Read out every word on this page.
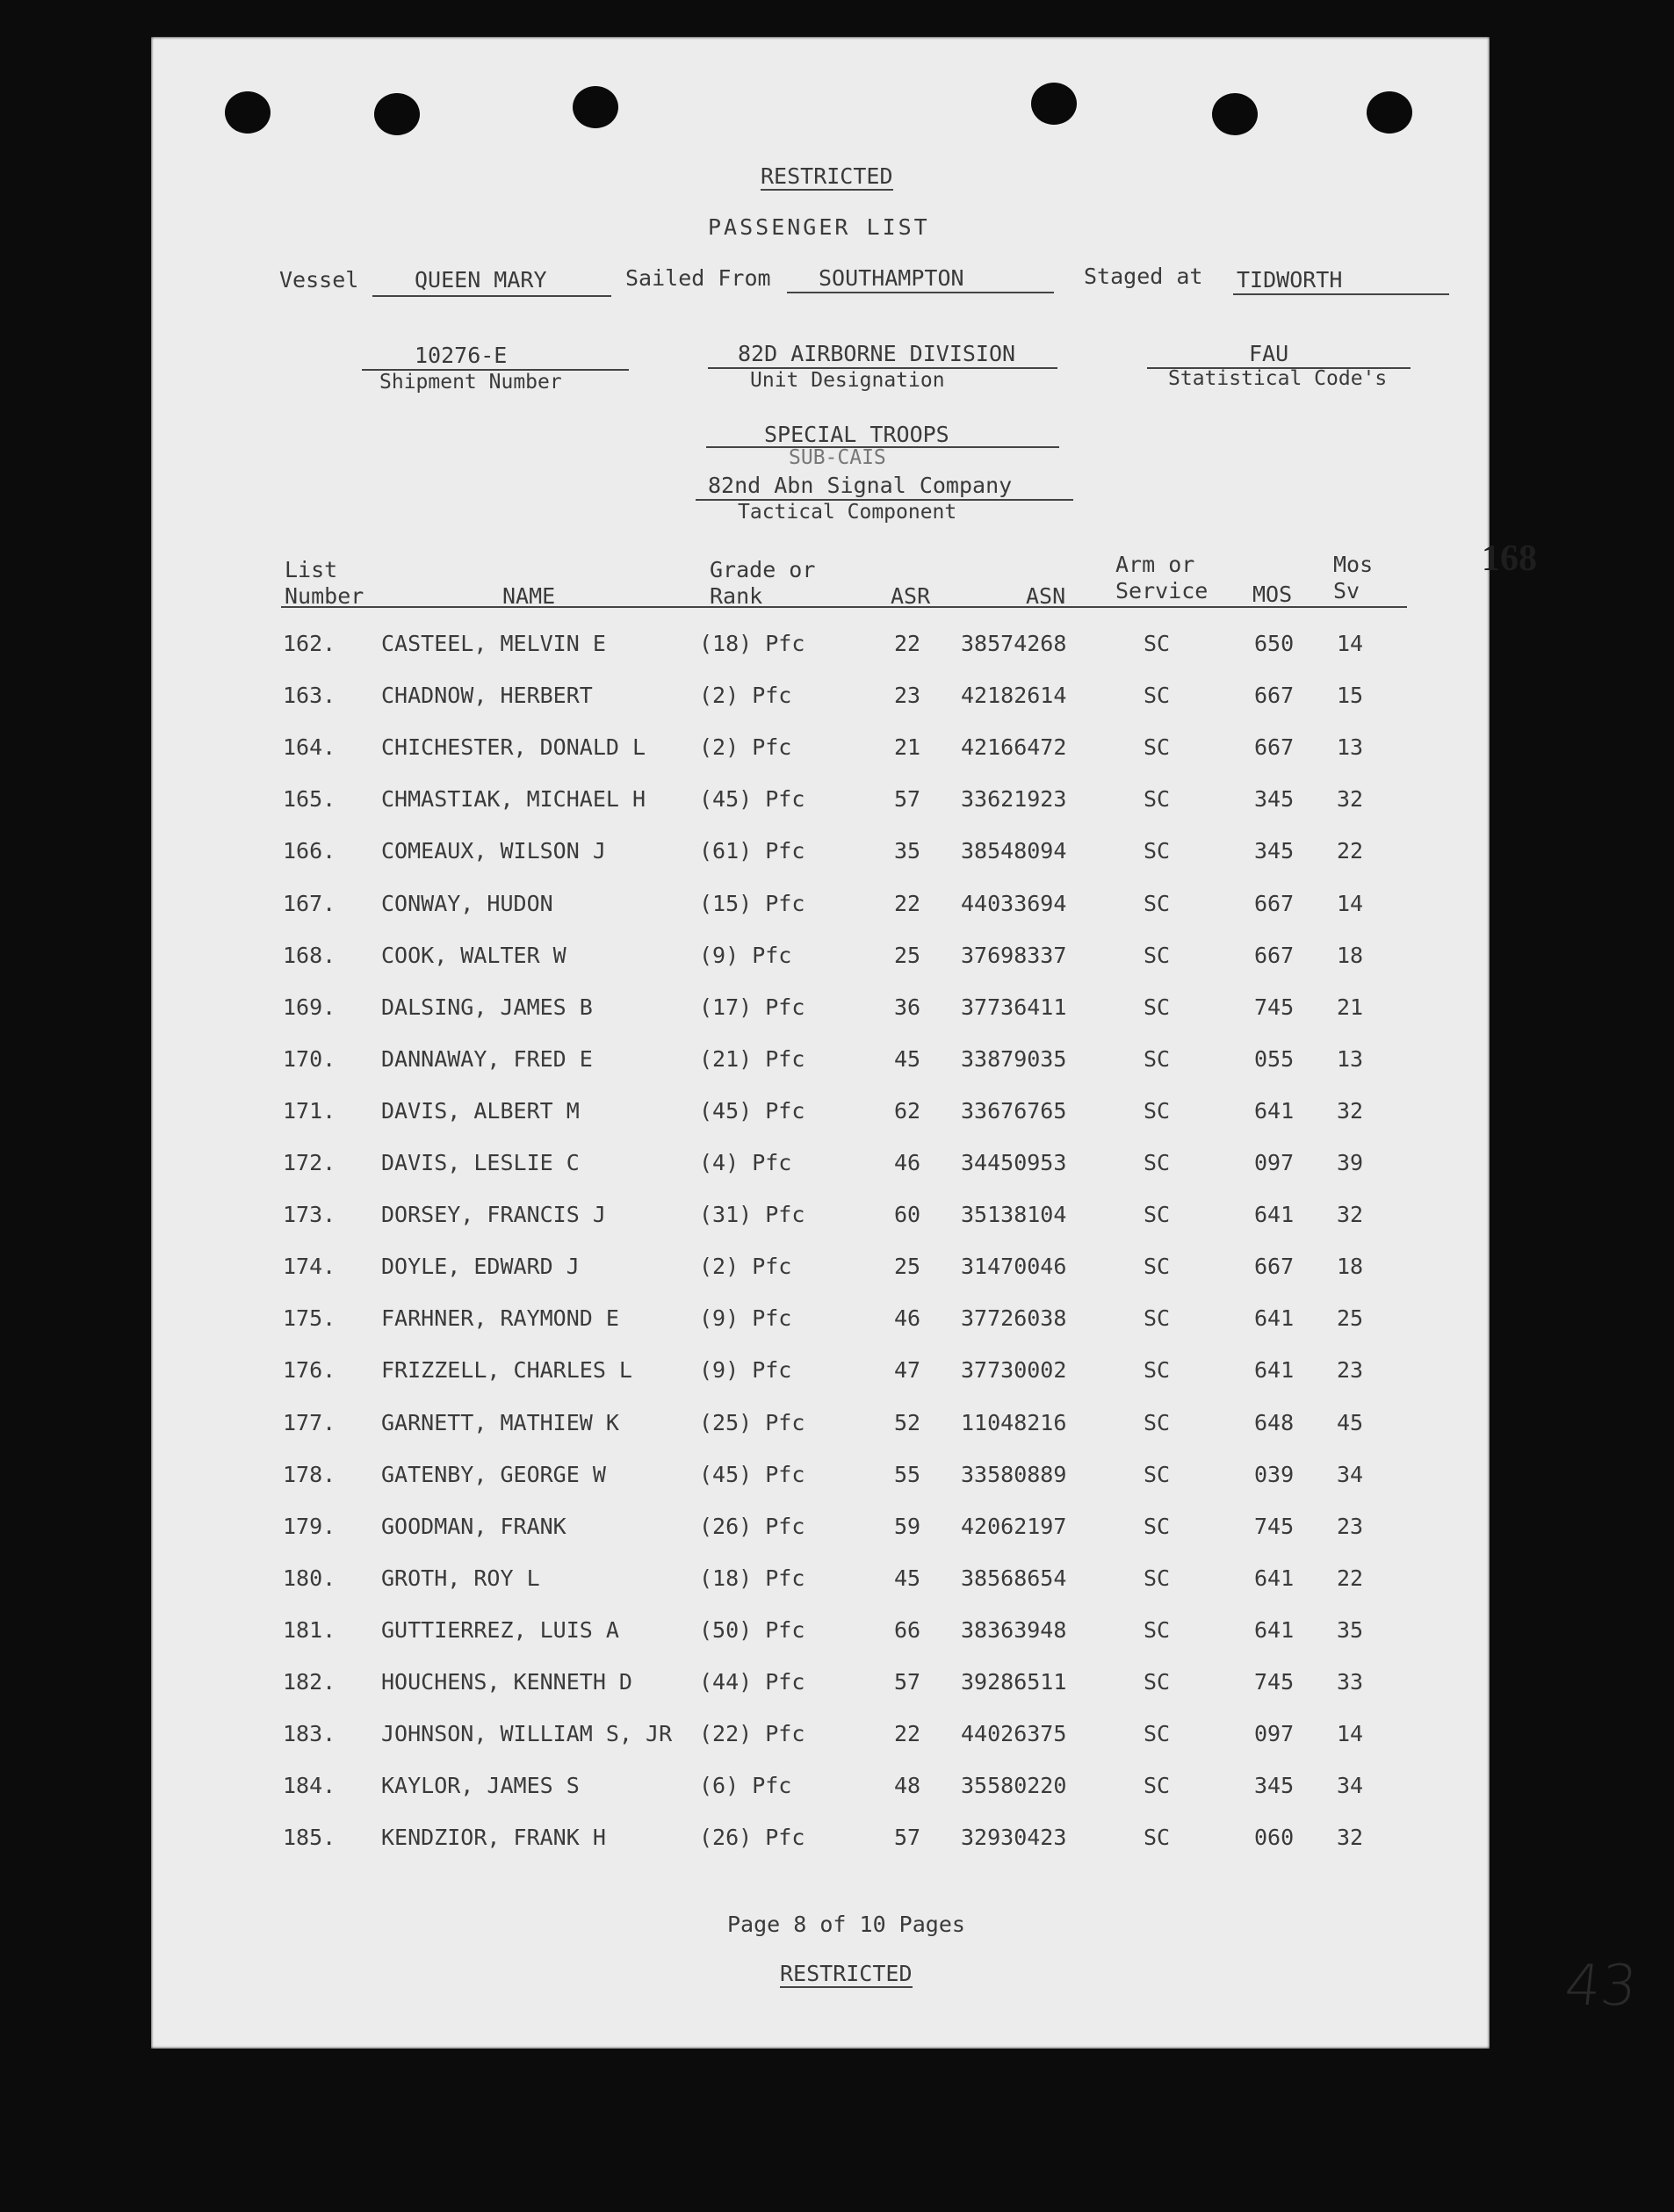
RESTRICTED
PASSENGER LIST
Vessel	QUEEN MARY	Sailed From SOUTHAMPTON	Staged at TIDWORTH
10276-E
Shipment Number
82D AIRBORNE DIVISION
Unit Designation
FAU
Statistical Code's
SPECIAL TROOPS
SUB-CAIS
82nd Abn Signal Company
Tactical Component
168
List Number	NAME
Grade or Rank	ASR	ASN
Arm or Service	MOS
Mos Sv
162. CASTEEL, MELVIN E	(18) Pfc	22 38574268	SC	650 14
163. CHADNOW, HERBERT	(2) Pfc	23 42182614	SC	667 15
164. CHICHESTER, DONALD L (2) Pfc	21 42166472	SC	667 13
165. CHMASTIAK, MICHAEL H (45) Pfc	57 33621923	SC	345 32
166. COMEAUX, WILSON J	(61) Pfc	35 38548094	SC	345 22
167. CONWAY, HUDON	(15) Pfc	22 44033694	SC	667 14
168. COOK, WALTER W	(9) Pfc	25 37698337	SC	667 18
169. DALSING, JAMES B	(17) Pfc	36 37736411	SC	745 21
170. DANNAWAY, FRED E	(21) Pfc	45 33879035	SC	055 13
171. DAVIS, ALBERT M	(45) Pfc	62 33676765	SC	641 32
172. DAVIS, LESLIE C	(4) Pfc	46 34450953	SC	097 39
173. DORSEY, FRANCIS J	(31) Pfc	60 35138104	SC	641 32
174. DOYLE, EDWARD J	(2) Pfc	25 31470046	SC	667 18
175. FARHNER, RAYMOND E	(9) Pfc	46 37726038	SC	641 25
176. FRIZZELL, CHARLES L	(9) Pfc	47 37730002	SC	641 23
177. GARNETT, MATHIEW K	(25) Pfc	52 11048216	SC	648 45
178. GATENBY, GEORGE W	(45) Pfc	55 33580889	SC	039 34
179. GOODMAN, FRANK	(26) Pfc	59 42062197	SC	745 23
180. GROTH, ROY L	(18) Pfc	45 38568654	SC	641 22
181. GUTTIERREZ, LUIS A	(50) Pfc	66 38363948	SC	641 35
182. HOUCHENS, KENNETH D	(44) Pfc	57 39286511	SC	745 33
183. JOHNSON, WILLIAM S, JR (22) Pfc	22 44026375	SC	097 14
184. KAYLOR, JAMES S	(6) Pfc	48 35580220	SC	345 34
185. KENDZIOR, FRANK H	(26) Pfc	57 32930423	SC	060 32
Page 8 of 10 Pages
RESTRICTED	43
